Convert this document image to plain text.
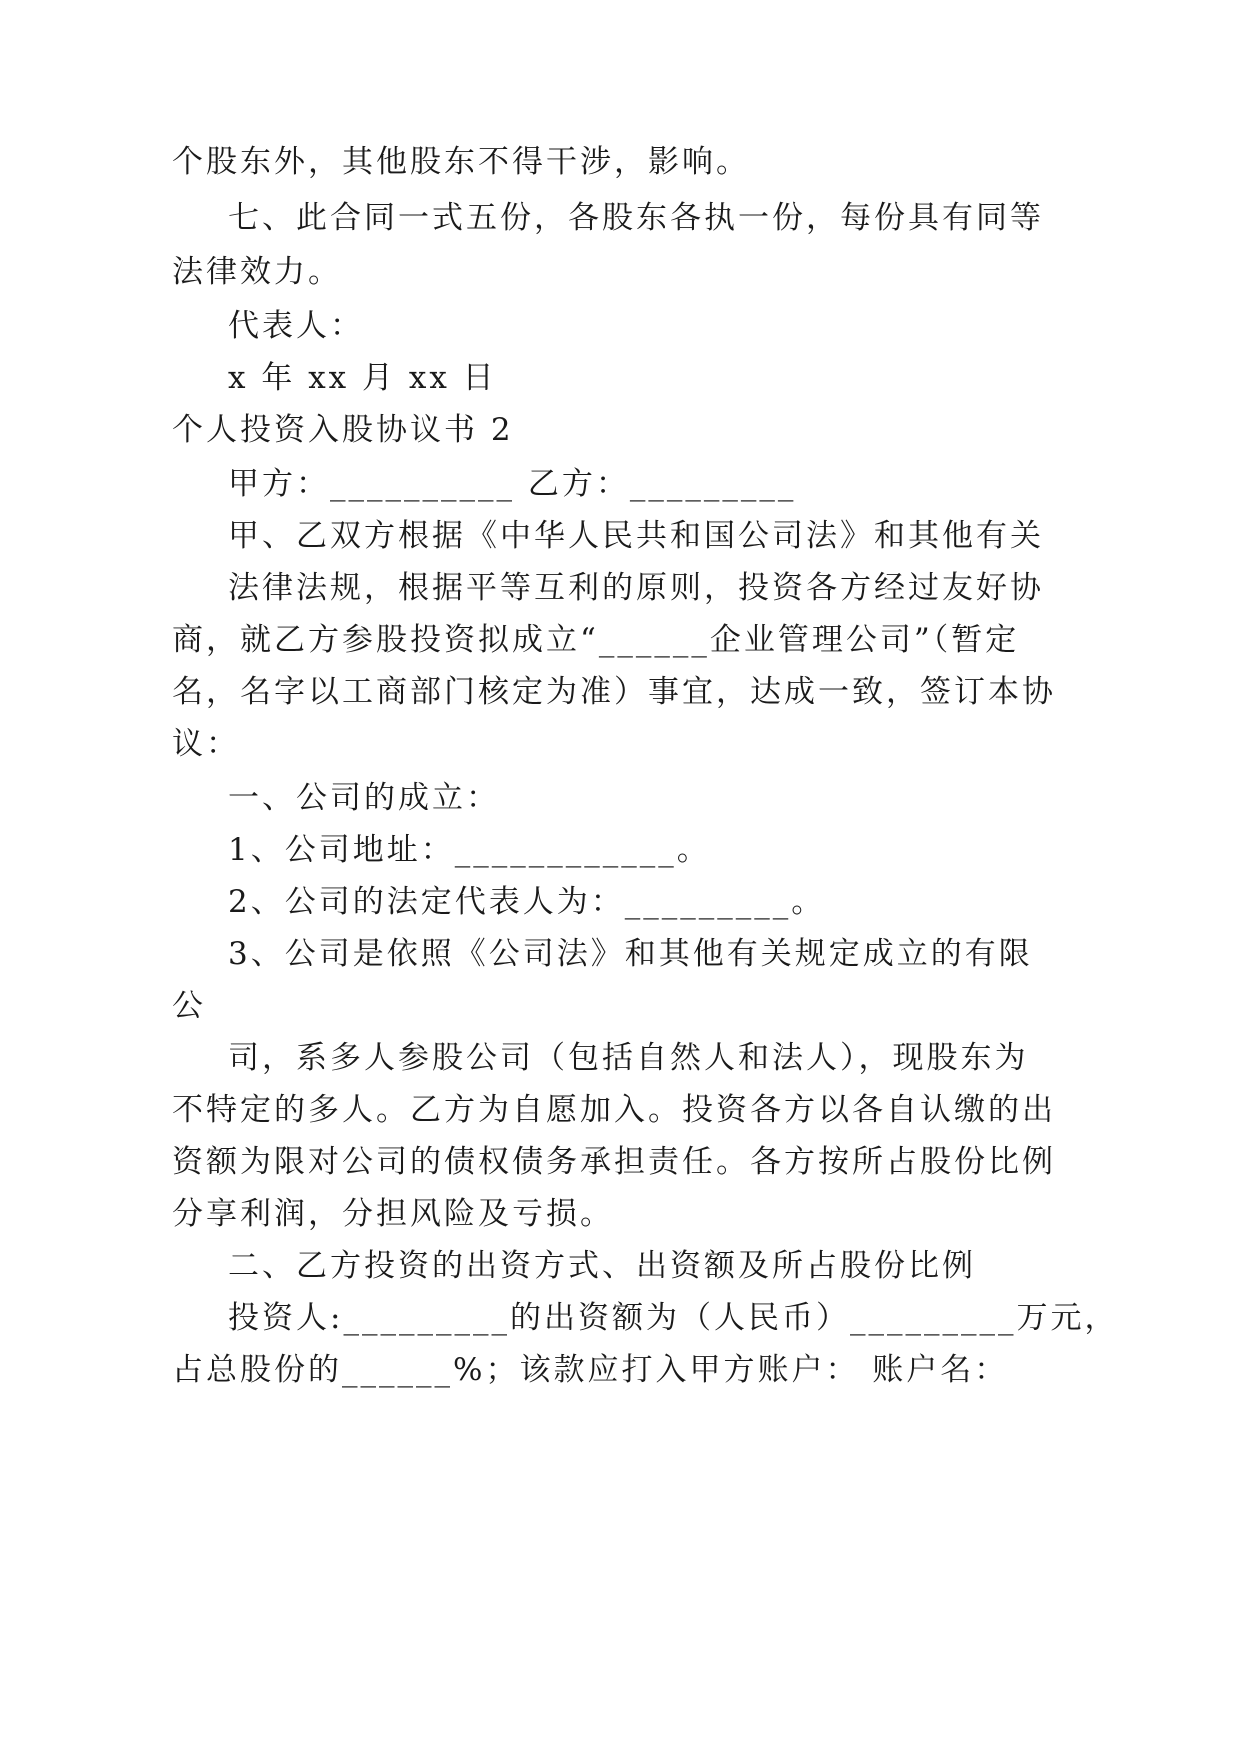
个股东外，其他股东不得干涉，影响。
七、此合同一式五份，各股东各执一份，每份具有同等
法律效力。
代表人：
x 年 xx 月 xx 日
个人投资入股协议书 2
甲方：__________ 乙方：_________
甲、乙双方根据《中华人民共和国公司法》和其他有关
法律法规，根据平等互利的原则，投资各方经过友好协
商，就乙方参股投资拟成立“______企业管理公司”（暂定
名，名字以工商部门核定为准）事宜，达成一致，签订本协
议：
一、公司的成立：
1、公司地址：____________。
2、公司的法定代表人为：_________。
3、公司是依照《公司法》和其他有关规定成立的有限
公
司，系多人参股公司（包括自然人和法人），现股东为
不特定的多人。乙方为自愿加入。投资各方以各自认缴的出
资额为限对公司的债权债务承担责任。各方按所占股份比例
分享利润，分担风险及亏损。
二、乙方投资的出资方式、出资额及所占股份比例
投资人:_________的出资额为（人民币）_________万元，
占总股份的______%；该款应打入甲方账户： 账户名：
